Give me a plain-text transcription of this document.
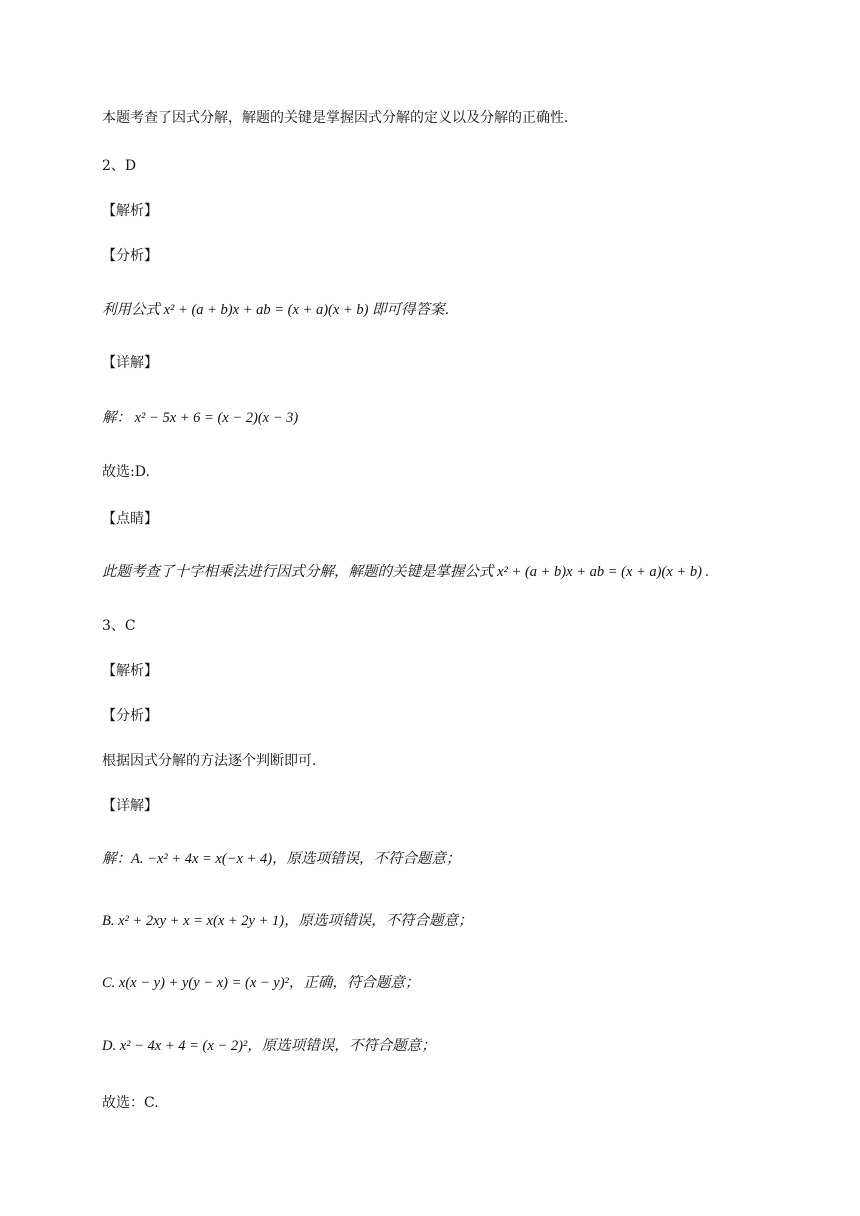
本题考查了因式分解，解题的关键是掌握因式分解的定义以及分解的正确性．
2、D
【解析】
【分析】
利用公式 x² + (a + b)x + ab = (x + a)(x + b) 即可得答案．
【详解】
解： x² − 5x + 6 = (x − 2)(x − 3)
故选:D.
【点睛】
此题考查了十字相乘法进行因式分解，解题的关键是掌握公式 x² + (a + b)x + ab = (x + a)(x + b) .
3、C
【解析】
【分析】
根据因式分解的方法逐个判断即可．
【详解】
解：A. −x² + 4x = x(−x + 4)，原选项错误，不符合题意；
B. x² + 2xy + x = x(x + 2y + 1)，原选项错误，不符合题意；
C. x(x − y) + y(y − x) = (x − y)²，正确，符合题意；
D. x² − 4x + 4 = (x − 2)²，原选项错误，不符合题意；
故选：C.
